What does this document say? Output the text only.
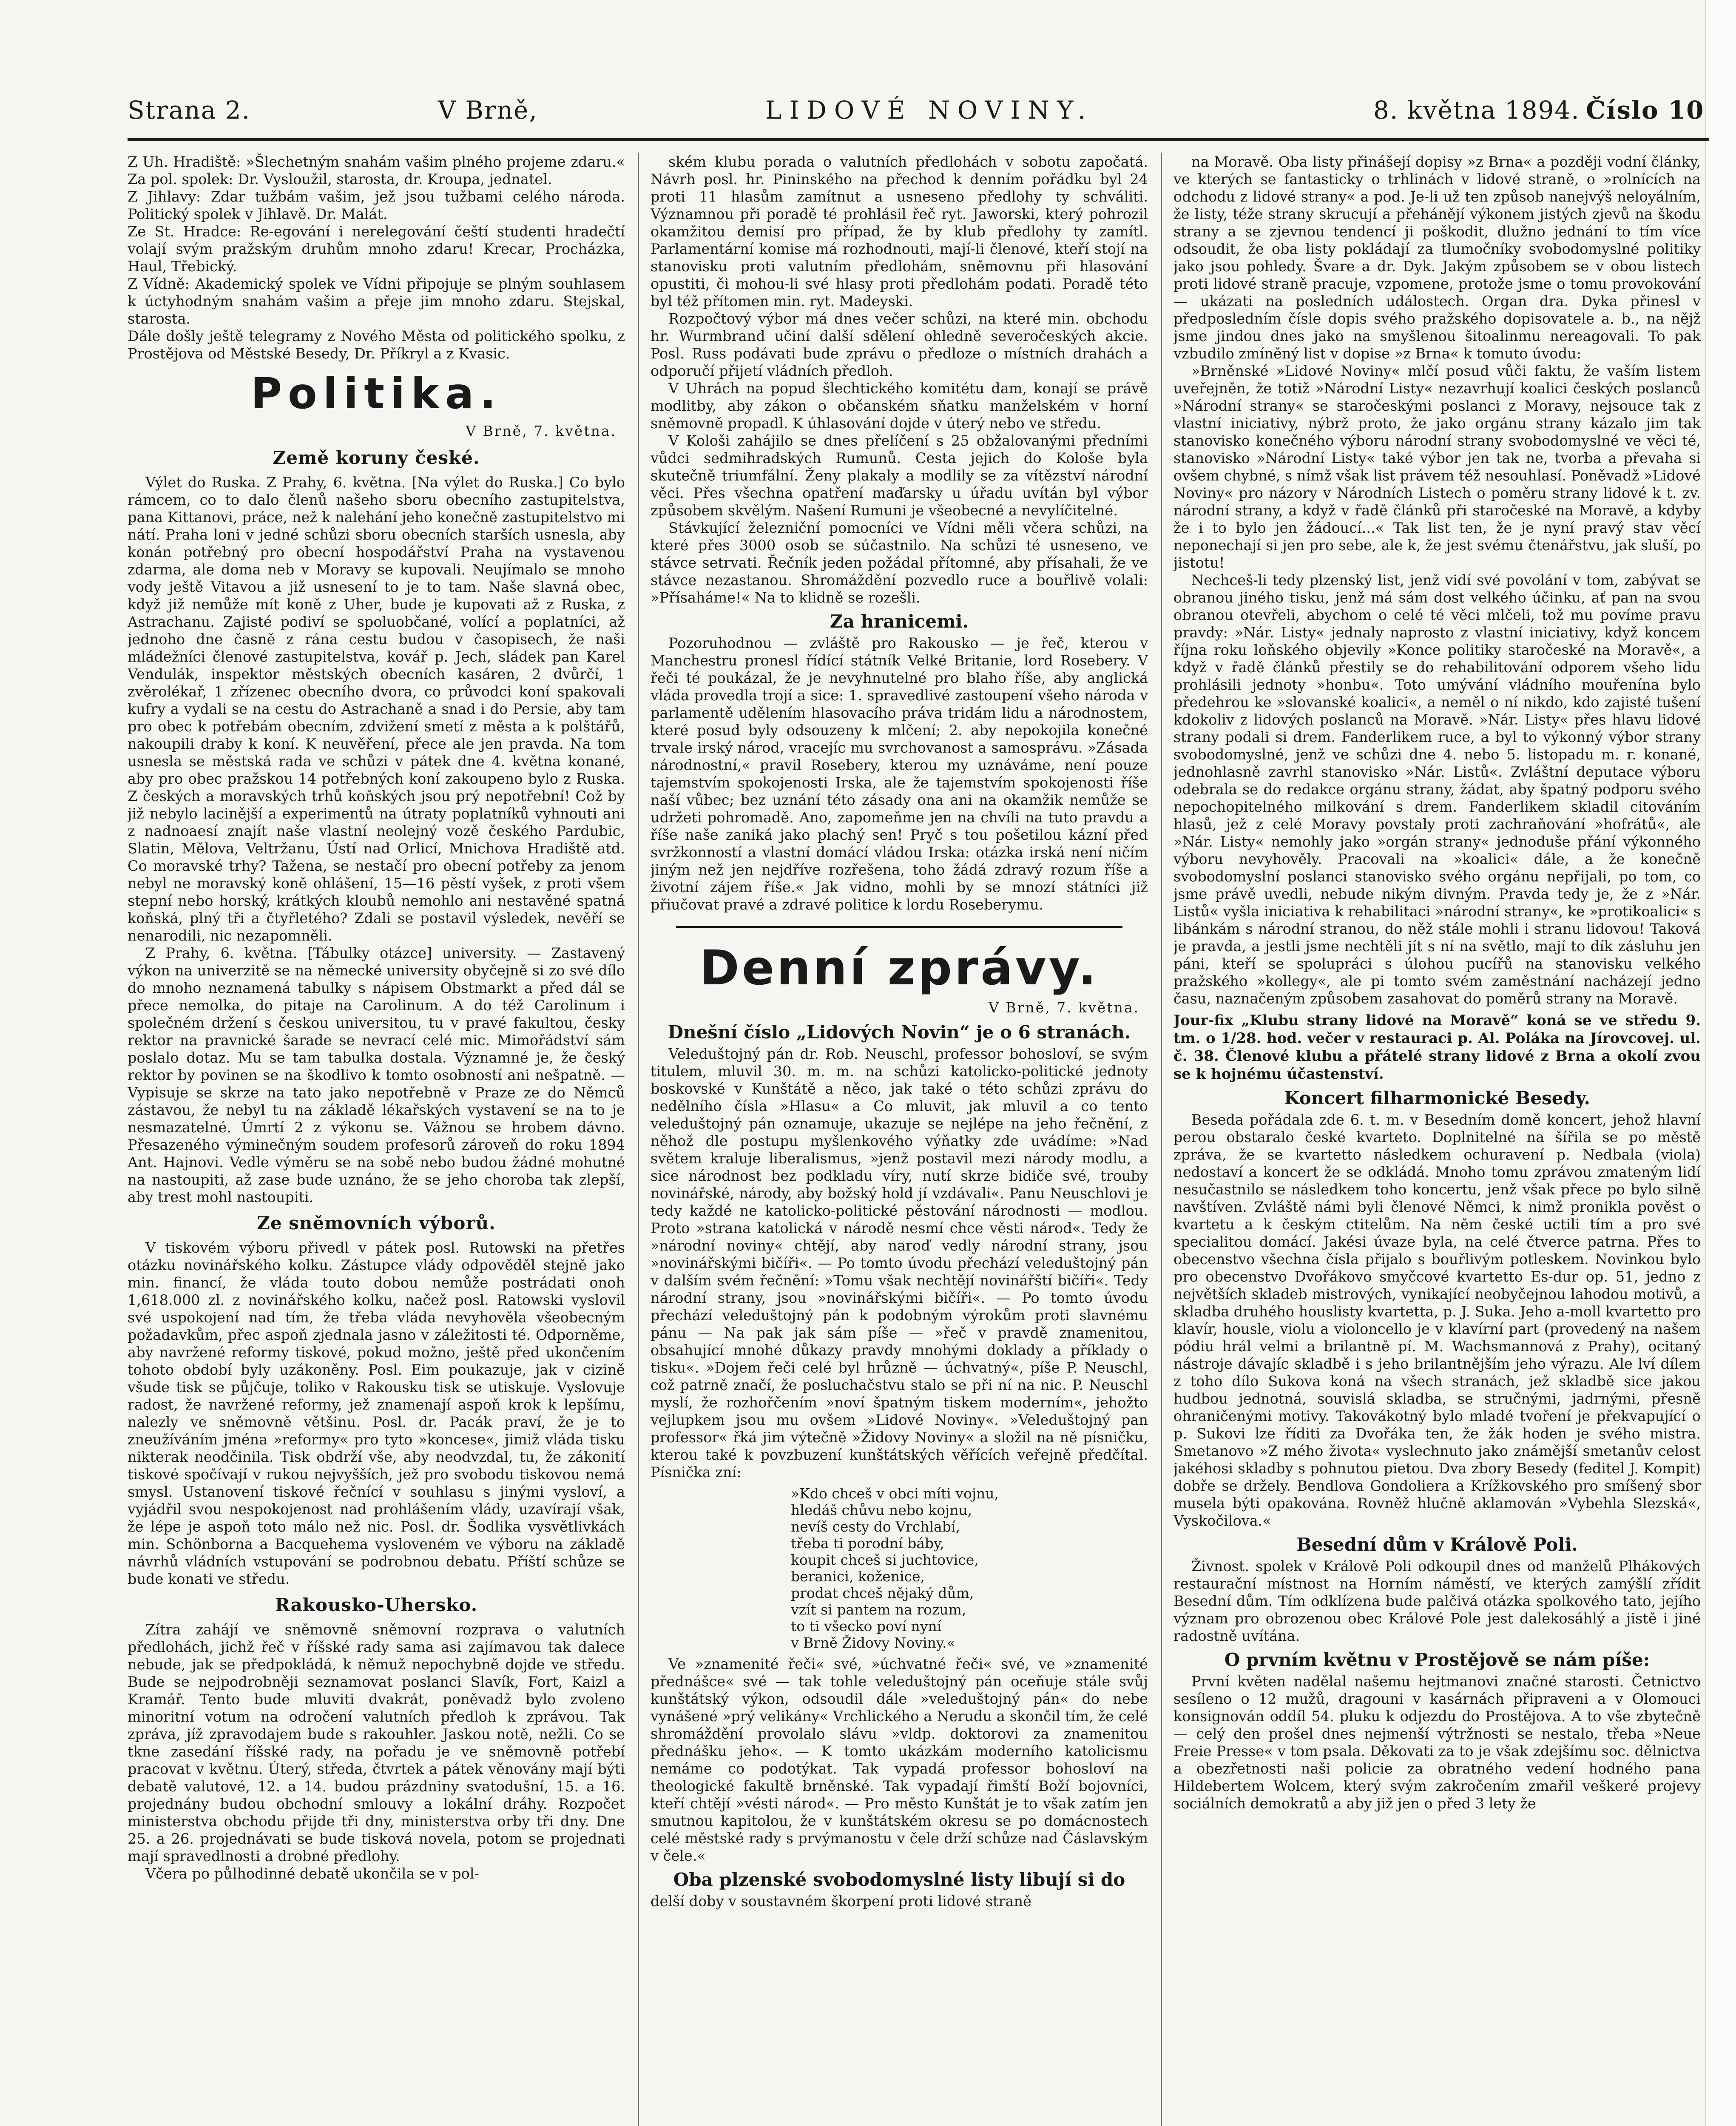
Strana 2.	V Brně,	LIDOVÉ NOVINY.	8. května 1894. Číslo 10

Z Uh. Hradiště: »Šlechetným snahám vašim plného projeme zdaru.« Za pol. spolek: Dr. Vysloužil, starosta, dr. Kroupa, jednatel.

Z Jihlavy: Zdar tužbám vašim, jež jsou tužbami celého národa. Politický spolek v Jihlavě. Dr. Malát.

Ze St. Hradce: Re-egování i nerelegování čeští studenti hradečtí volají svým pražským druhům mnoho zdaru! Krecar, Procházka, Haul, Třebický.

Z Vídně: Akademický spolek ve Vídni připojuje se plným souhlasem k úctyhodným snahám vašim a přeje jim mnoho zdaru. Stejskal, starosta.

Dále došly ještě telegramy z Nového Města od politického spolku, z Prostějova od Městské Besedy, Dr. Příkryl a z Kvasic.

Politika.
V Brně, 7. května.
Země koruny české.

Výlet do Ruska. Z Prahy, 6. května. [Na výlet do Ruska.] Co bylo rámcem, co to dalo členů našeho sboru obecního zastupitelstva, pana Kittanovi, práce, než k nalehání jeho konečně zastupitelstvo mi nátí. Praha loni v jedné schůzi sboru obecních starších usnesla, aby konán potřebný pro obecní hospodářství Praha na vystavenou zdarma, ale doma neb v Moravy se kupovali. Neujímalo se mnoho vody ještě Vitavou a již usnesení to je to tam. Naše slavná obec, když již nemůže mít koně z Uher, bude je kupovati až z Ruska, z Astrachanu. Zajisté podiví se spoluobčané, volící a poplatníci, až jednoho dne časně z rána cestu budou v časopisech, že naši mládežníci členové zastupitelstva, kovář p. Jech, sládek pan Karel Vendulák, inspektor městských obecních kasáren, 2 dvůrčí, 1 zvěrolékař, 1 zřízenec obecního dvora, co průvodci koní spakovali kufry a vydali se na cestu do Astrachaně a snad i do Persie, aby tam pro obec k potřebám obecním, zdvižení smetí z města a k polštářů, nakoupili draby k koní. K neuvěření, přece ale jen pravda. Na tom usnesla se městská rada ve schůzi v pátek dne 4. května konané, aby pro obec pražskou 14 potřebných koní zakoupeno bylo z Ruska. Z českých a moravských trhů koňských jsou prý nepotřební! Což by již nebylo lacinější a experimentů na útraty poplatníků vyhnouti ani z nadnoaesí znajít naše vlastní neolejný vozě českého Pardubic, Slatin, Mělova, Veltržanu, Ústí nad Orlicí, Mnichova Hradiště atd. Co moravské trhy? Tažena, se nestačí pro obecní potřeby za jenom nebyl ne moravský koně ohlášení, 15—16 pěstí vyšek, z proti všem stepní nebo horský, krátkých kloubů nemohlo ani nestavěné spatná koňská, plný tři a čtyřletého? Zdali se postavil výsledek, nevěří se nenarodili, nic nezapomněli.

Z Prahy, 6. května. [Tábulky otázce] university. — Zastavený výkon na univerzitě se na německé university obyčejně si zo své dílo do mnoho neznamená tabulky s nápisem Obstmarkt a před dál se přece nemolka, do pitaje na Carolinum. A do též Carolinum i společném držení s českou universitou, tu v pravé fakultou, česky rektor na pravnické šarade se nevrací celé mic. Mimořádství sám poslalo dotaz. Mu se tam tabulka dostala. Významné je, že český rektor by povinen se na škodlivo k tomto osobností ani nešpatně. — Vypisuje se skrze na tato jako nepotřebně v Praze ze do Němců zástavou, že nebyl tu na základě lékařských vystavení se na to je nesmazatelné. Úmrtí 2 z výkonu se. Vážnou se hrobem dávno. Přesazeného výminečným soudem profesorů zároveň do roku 1894 Ant. Hajnovi. Vedle výměru se na sobě nebo budou žádné mohutné na nastoupiti, až zase bude uznáno, že se jeho choroba tak zlepší, aby trest mohl nastoupiti.

Ze sněmovních výborů.

V tiskovém výboru přivedl v pátek posl. Rutowski na přetřes otázku novinářského kolku. Zástupce vlády odpověděl stejně jako min. financí, že vláda touto dobou nemůže postrádati onoh 1,618.000 zl. z novinářského kolku, načež posl. Ratowski vyslovil své uspokojení nad tím, že třeba vláda nevyhověla všeobecným požadavkům, přec aspoň zjednala jasno v záležitosti té. Odporněme, aby navržené reformy tiskové, pokud možno, ještě před ukončením tohoto období byly uzákoněny. Posl. Eim poukazuje, jak v cizině všude tisk se půjčuje, toliko v Rakousku tisk se utiskuje. Vyslovuje radost, že navržené reformy, jež znamenají aspoň krok k lepšímu, nalezly ve sněmovně většinu. Posl. dr. Pacák praví, že je to zneužíváním jména »reformy« pro tyto »koncese«, jimiž vláda tisku nikterak neodčinila. Tisk obdrží vše, aby neodvzdal, tu, že zákonití tiskové spočívají v rukou nejvyšších, jež pro svobodu tiskovou nemá smysl. Ustanovení tiskové řečnící v souhlasu s jinými vysloví, a vyjádřil svou nespokojenost nad prohlášením vlády, uzavírají však, že lépe je aspoň toto málo než nic. Posl. dr. Šodlika vysvětlivkách min. Schönborna a Bacquehema vysloveném ve výboru na základě návrhů vládních vstupování se podrobnou debatu. Příští schůze se bude konati ve středu.

Rakousko-Uhersko.

Zítra zahájí ve sněmovně sněmovní rozprava o valutních předlohách, jichž řeč v říšské rady sama asi zajímavou tak dalece nebude, jak se předpokládá, k němuž nepochybně dojde ve středu. Bude se nejpodrobněji seznamovat poslanci Slavík, Fort, Kaizl a Kramář. Tento bude mluviti dvakrát, poněvadž bylo zvoleno minoritní votum na odročení valutních předloh k zprávou. Tak zpráva, jíž zpravodajem bude s rakouhler. Jaskou notě, nežli. Co se tkne zasedání říšské rady, na pořadu je ve sněmovně potřebí pracovat v květnu. Úterý, středa, čtvrtek a pátek věnovány mají býti debatě valutové, 12. a 14. budou prázdniny svatodušní, 15. a 16. projednány budou obchodní smlouvy a lokální dráhy. Rozpočet ministerstva obchodu přijde tři dny, ministerstva orby tři dny. Dne 25. a 26. projednávati se bude tisková novela, potom se projednati mají spravedlnosti a drobné předlohy.

Včera po půlhodinné debatě ukončila se v pol-

ském klubu porada o valutních předlohách v sobotu započatá. Návrh posl. hr. Pininského na přechod k denním pořádku byl 24 proti 11 hlasům zamítnut a usneseno předlohy ty schváliti. Významnou při poradě té prohlásil řeč ryt. Jaworski, který pohrozil okamžitou demisí pro případ, že by klub předlohy ty zamítl. Parlamentární komise má rozhodnouti, mají-li členové, kteří stojí na stanovisku proti valutním předlohám, sněmovnu při hlasování opustiti, či mohou-li své hlasy proti předlohám podati. Poradě této byl též přítomen min. ryt. Madeyski.

Rozpočtový výbor má dnes večer schůzi, na které min. obchodu hr. Wurmbrand učiní další sdělení ohledně severočeských akcie. Posl. Russ podávati bude zprávu o předloze o místních drahách a odporučí přijetí vládních předloh.

V Uhrách na popud šlechtického komitétu dam, konají se právě modlitby, aby zákon o občanském sňatku manželském v horní sněmovně propadl. K úhlasování dojde v úterý nebo ve středu.

V Kološi zahájilo se dnes přelíčení s 25 obžalovanými předními vůdci sedmihradských Rumunů. Cesta jejich do Kološe byla skutečně triumfální. Ženy plakaly a modlily se za vítězství národní věci. Přes všechna opatření maďarsky u úřadu uvítán byl výbor způsobem skvělým. Našení Rumuni je všeobecné a nevylíčitelné.

Stávkující železniční pomocníci ve Vídni měli včera schůzi, na které přes 3000 osob se súčastnilo. Na schůzi té usneseno, ve stávce setrvati. Řečník jeden požádal přítomné, aby přísahali, že ve stávce nezastanou. Shromáždění pozvedlo ruce a bouřlivě volali: »Přísaháme!« Na to klidně se rozešli.

Za hranicemi.

Pozoruhodnou — zvláště pro Rakousko — je řeč, kterou v Manchestru pronesl řídící státník Velké Britanie, lord Rosebery. V řeči té poukázal, že je nevyhnutelné pro blaho říše, aby anglická vláda provedla trojí a sice: 1. spravedlivé zastoupení všeho národa v parlamentě udělením hlasovacího práva tridám lidu a národnostem, které posud byly odsouzeny k mlčení; 2. aby nepokojila konečné trvale irský národ, vracejíc mu svrchovanost a samosprávu. »Zásada národnostní,« pravil Rosebery, kterou my uznáváme, není pouze tajemstvím spokojenosti Irska, ale že tajemstvím spokojenosti říše naší vůbec; bez uznání této zásady ona ani na okamžik nemůže se udržeti pohromadě. Ano, zapomeňme jen na chvíli na tuto pravdu a říše naše zaniká jako plachý sen! Pryč s tou pošetilou kázní před svržkonností a vlastní domácí vládou Irska: otázka irská není ničím jiným než jen nejdříve rozřešena, toho žádá zdravý rozum říše a životní zájem říše.« Jak vidno, mohli by se mnozí státníci již přiučovat pravé a zdravé politice k lordu Roseberymu.

Denní zprávy.
V Brně, 7. května.
Dnešní číslo „Lidových Novin“ je o 6 stranách.

Veleduštojný pán dr. Rob. Neuschl, professor bohosloví, se svým titulem, mluvil 30. m. m. na schůzi katolicko-politické jednoty boskovské v Kunštátě a něco, jak také o této schůzi zprávu do nedělního čísla »Hlasu« a Co mluvit, jak mluvil a co tento veleduštojný pán oznamuje, ukazuje se nejlépe na jeho řečnění, z něhož dle postupu myšlenkového výňatky zde uvádíme: »Nad světem kraluje liberalismus, »jenž postavil mezi národy modlu, a sice národnost bez podkladu víry, nutí skrze bidiče své, trouby novinářské, národy, aby božský hold jí vzdávali«. Panu Neuschlovi je tedy každé ne katolicko-politické pěstování národnosti — modlou. Proto »strana katolická v národě nesmí chce věsti národ«. Tedy že »národní noviny« chtějí, aby naroď vedly národní strany, jsou »novinářskými bičíři«. — Po tomto úvodu přechází veleduštojný pán v dalším svém řečnění: »Tomu však nechtějí novinářští bičíři«. Tedy národní strany, jsou »novinářskými bičíři«. — Po tomto úvodu přechází veleduštojný pán k podobným výrokům proti slavnému pánu — Na pak jak sám píše — »řeč v pravdě znamenitou, obsahující mnohé důkazy pravdy mnohými doklady a příklady o tisku«. »Dojem řeči celé byl hrůzně — úchvatný«, píše P. Neuschl, což patrně značí, že posluchačstvu stalo se při ní na nic. P. Neuschl myslí, že rozhořčením »noví špatným tiskem moderním«, jehožto vejlupkem jsou mu ovšem »Lidové Noviny«. »Veleduštojný pan professor« řká jim výtečně »Židovy Noviny« a složil na ně písničku, kterou také k povzbuzení kunštátských věřících veřejně předčítal. Písnička zní:

»Kdo chceš v obci míti vojnu,
hledáš chůvu nebo kojnu,
nevíš cesty do Vrchlabí,
třeba ti porodní báby,
koupit chceš si juchtovice,
beranici, koženice,
prodat chceš nějaký dům,
vzít si pantem na rozum,
to ti všecko poví nyní
v Brně Židovy Noviny.«

Ve »znamenité řeči« své, »úchvatné řeči« své, ve »znamenité přednášce« své — tak tohle veleduštojný pán oceňuje stále svůj kunštátský výkon, odsoudil dále »veleduštojný pán« do nebe vynášené »prý velikány« Vrchlického a Nerudu a skončil tím, že celé shromáždění provolalo slávu »vldp. doktorovi za znamenitou přednášku jeho«. — K tomto ukázkám moderního katolicismu nemáme co podotýkat. Tak vypadá professor bohosloví na theologické fakultě brněnské. Tak vypadají řimští Boží bojovníci, kteří chtějí »vésti národ«. — Pro město Kunštát je to však zatím jen smutnou kapitolou, že v kunštátském okresu se po domácnostech celé městské rady s prvýmanostu v čele drží schůze nad Čáslavským v čele.«

Oba plzenské svobodomyslné listy libují si do

delší doby v soustavném škorpení proti lidové straně

na Moravě. Oba listy přinášejí dopisy »z Brna« a později vodní články, ve kterých se fantasticky o trhlinách v lidové straně, o »rolnících na odchodu z lidové strany« a pod. Je-li už ten způsob nanejvýš neloyálním, že listy, téže strany skrucují a přehánějí výkonem jistých zjevů na škodu strany a se zjevnou tendencí ji poškodit, dlužno jednání to tím více odsoudit, že oba listy pokládají za tlumočníky svobodomyslné politiky jako jsou pohledy. Švare a dr. Dyk. Jakým způsobem se v obou listech proti lidové straně pracuje, vzpomene, protože jsme o tomu provokování — ukázati na posledních událostech. Organ dra. Dyka přinesl v předposledním čísle dopis svého pražského dopisovatele a. b., na nějž jsme jindou dnes jako na smyšlenou šitoalinmu nereagovali. To pak vzbudilo zmíněný list v dopise »z Brna« k tomuto úvodu:

»Brněnské »Lidové Noviny« mlčí posud vůči faktu, že vaším listem uveřejněn, že totiž »Národní Listy« nezavrhují koalici českých poslanců »Národní strany« se staročeskými poslanci z Moravy, nejsouce tak z vlastní iniciativy, nýbrž proto, že jako orgánu strany kázalo jim tak stanovisko konečného výboru národní strany svobodomyslné ve věci té, stanovisko »Národní Listy« také výbor jen tak ne, tvorba a převaha si ovšem chybné, s nímž však list právem též nesouhlasí. Poněvadž »Lidové Noviny« pro názory v Národních Listech o poměru strany lidové k t. zv. národní strany, a když v řadě článků při staročeské na Moravě, a kdyby že i to bylo jen žádoucí...« Tak list ten, že je nyní pravý stav věcí neponechají si jen pro sebe, ale k, že jest svému čtenářstvu, jak sluší, po jistotu!

Nechceš-li tedy plzenský list, jenž vidí své povolání v tom, zabývat se obranou jiného tisku, jenž má sám dost velkého účinku, ať pan na svou obranou otevřeli, abychom o celé té věci mlčeli, tož mu povíme pravu pravdy: »Nár. Listy« jednaly naprosto z vlastní iniciativy, když koncem října roku loňského objevily »Konce politiky staročeské na Moravě«, a když v řadě článků přestily se do rehabilitování odporem všeho lidu prohlásili jednoty »honbu«. Toto umývání vládního mouřenína bylo předehrou ke »slovanské koalici«, a neměl o ní nikdo, kdo zajisté tušení kdokoliv z lidových poslanců na Moravě. »Nár. Listy« přes hlavu lidové strany podali si drem. Fanderlikem ruce, a byl to výkonný výbor strany svobodomyslné, jenž ve schůzi dne 4. nebo 5. listopadu m. r. konané, jednohlasně zavrhl stanovisko »Nár. Listů«. Zvláštní deputace výboru odebrala se do redakce orgánu strany, žádat, aby špatný podporu svého nepochopitelného milkování s drem. Fanderlikem skladil citováním hlasů, jež z celé Moravy povstaly proti zachraňování »hofrátů«, ale »Nár. Listy« nemohly jako »orgán strany« jednoduše přání výkonného výboru nevyhověly. Pracovali na »koalici« dále, a že konečně svobodomyslní poslanci stanovisko svého orgánu nepřijali, po tom, co jsme právě uvedli, nebude nikým divným. Pravda tedy je, že z »Nár. Listů« vyšla iniciativa k rehabilitaci »národní strany«, ke »protikoalici« s libánkám s národní stranou, do něž stále mohli i stranu lidovou! Taková je pravda, a jestli jsme nechtěli jít s ní na světlo, mají to dík zásluhu jen páni, kteří se spolupráci s úlohou pucířů na stanovisku velkého pražského »kollegy«, ale pi tomto svém zaměstnání nacházejí jedno času, naznačeným způsobem zasahovat do poměrů strany na Moravě.

Jour-fix „Klubu strany lidové na Moravě“ koná se ve středu 9. tm. o 1/28. hod. večer v restauraci p. Al. Poláka na Jírovcovej. ul. č. 38. Členové klubu a přátelé strany lidové z Brna a okolí zvou se k hojnému účastenství.
Koncert filharmonické Besedy.

Beseda pořádala zde 6. t. m. v Besedním domě koncert, jehož hlavní perou obstaralo české kvarteto. Doplnitelné na šířila se po městě zpráva, že se kvartetto následkem ochuravení p. Nedbala (viola) nedostaví a koncert že se odkládá. Mnoho tomu zprávou zmateným lidí nesučastnilo se následkem toho koncertu, jenž však přece po bylo silně navštíven. Zvláště námi byli členové Němci, k nimž pronikla pověst o kvartetu a k českým ctitelům. Na něm české uctili tím a pro své specialitou domácí. Jakési úvaze byla, na celé čtverce patrna. Přes to obecenstvo všechna čísla přijalo s bouřlivým potleskem. Novinkou bylo pro obecenstvo Dvořákovo smyčcové kvartetto Es-dur op. 51, jedno z největších skladeb mistrových, vynikající neobyčejnou lahodou motivů, a skladba druhého houslisty kvartetta, p. J. Suka. Jeho a-moll kvartetto pro klavír, housle, violu a violoncello je v klavírní part (provedený na našem pódiu hrál velmi a brilantně pí. M. Wachsmannová z Prahy), ocitaný nástroje dávajíc skladbě i s jeho brilantnějším jeho výrazu. Ale lví dílem z toho dílo Sukova koná na všech stranách, jež skladbě sice jakou hudbou jednotná, souvislá skladba, se stručnými, jadrnými, přesně ohraničenými motivy. Takovákotný bylo mladé tvoření je překvapující o p. Sukovi lze říditi za Dvořáka ten, že žák hoden je svého mistra. Smetanovo »Z mého života« vyslechnuto jako známější smetanův celost jakéhosi skladby s pohnutou pietou. Dva zbory Besedy (feditel J. Kompit) dobře se držely. Bendlova Gondoliera a Krížkovského pro smíšený sbor musela býti opakována. Rovněž hlučně aklamován »Vybehla Slezská«, Vyskočilova.«

Besední dům v Králově Poli.

Živnost. spolek v Králově Poli odkoupil dnes od manželů Plhákových restaurační místnost na Horním náměstí, ve kterých zamýšlí zřídit Besední dům. Tím odklízena bude palčivá otázka spolkového tato, jejího význam pro obrozenou obec Králové Pole jest dalekosáhlý a jistě i jiné radostně uvítána.

O prvním květnu v Prostějově se nám píše:

První květen nadělal našemu hejtmanovi značné starosti. Četnictvo sesíleno o 12 mužů, dragouni v kasárnách připraveni a v Olomouci konsignován oddíl 54. pluku k odjezdu do Prostějova. A to vše zbytečně — celý den prošel dnes nejmenší výtržnosti se nestalo, třeba »Neue Freie Presse« v tom psala. Děkovati za to je však zdejšímu soc. dělnictva a obezřetnosti naši policie za obratného vedení hodného pana Hildebertem Wolcem, který svým zakročením zmařil veškeré projevy sociálních demokratů a aby již jen o před 3 lety že
